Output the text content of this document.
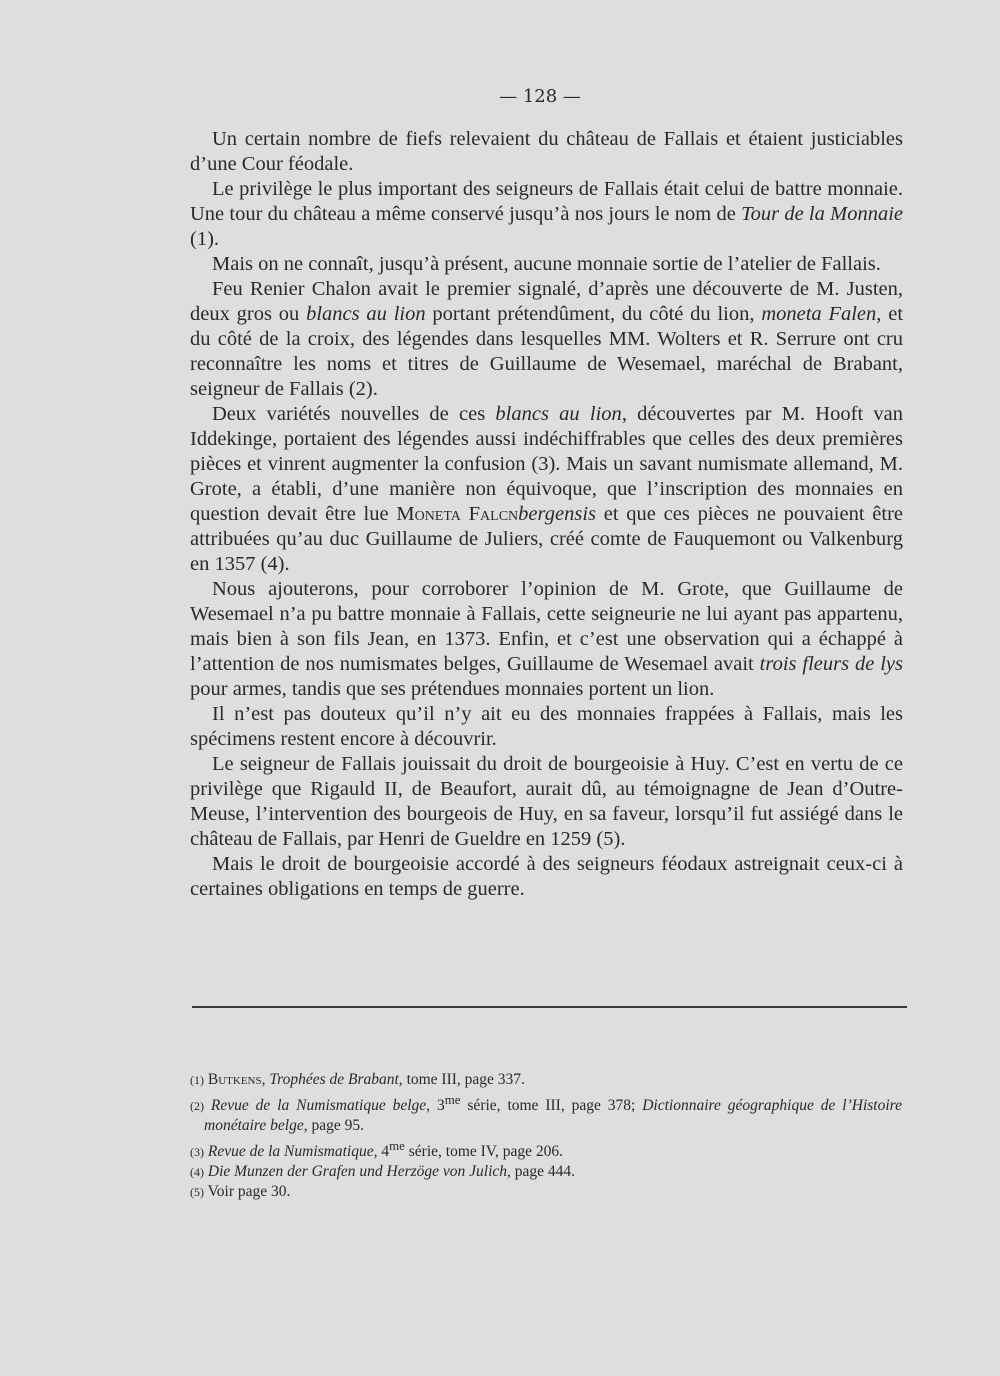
— 128 —

Un certain nombre de fiefs relevaient du château de Fallais et étaient justiciables d’une Cour féodale.

Le privilège le plus important des seigneurs de Fallais était celui de battre monnaie. Une tour du château a même conservé jusqu’à nos jours le nom de Tour de la Monnaie (1).

Mais on ne connaît, jusqu’à présent, aucune monnaie sortie de l’atelier de Fallais.

Feu Renier Chalon avait le premier signalé, d’après une découverte de M. Justen, deux gros ou blancs au lion portant prétendûment, du côté du lion, moneta Falen, et du côté de la croix, des légendes dans lesquelles MM. Wolters et R. Serrure ont cru reconnaître les noms et titres de Guillaume de Wesemael, maréchal de Brabant, seigneur de Fallais (2).

Deux variétés nouvelles de ces blancs au lion, découvertes par M. Hooft van Iddekinge, portaient des légendes aussi indéchiffrables que celles des deux premières pièces et vinrent augmenter la confusion (3). Mais un savant numismate allemand, M. Grote, a établi, d’une manière non équivoque, que l’inscription des monnaies en question devait être lue Moneta Falcnbergensis et que ces pièces ne pouvaient être attribuées qu’au duc Guillaume de Juliers, créé comte de Fauquemont ou Valkenburg en 1357 (4).

Nous ajouterons, pour corroborer l’opinion de M. Grote, que Guillaume de Wesemael n’a pu battre monnaie à Fallais, cette seigneurie ne lui ayant pas appartenu, mais bien à son fils Jean, en 1373. Enfin, et c’est une observation qui a échappé à l’attention de nos numismates belges, Guillaume de Wesemael avait trois fleurs de lys pour armes, tandis que ses prétendues monnaies portent un lion.

Il n’est pas douteux qu’il n’y ait eu des monnaies frappées à Fallais, mais les spécimens restent encore à découvrir.

Le seigneur de Fallais jouissait du droit de bourgeoisie à Huy. C’est en vertu de ce privilège que Rigauld II, de Beaufort, aurait dû, au témoignagne de Jean d’Outre-Meuse, l’intervention des bourgeois de Huy, en sa faveur, lorsqu’il fut assiégé dans le château de Fallais, par Henri de Gueldre en 1259 (5).

Mais le droit de bourgeoisie accordé à des seigneurs féodaux astreignait ceux-ci à certaines obligations en temps de guerre.

(1) Butkens, Trophées de Brabant, tome III, page 337.

(2) Revue de la Numismatique belge, $3^{me}$ série, tome III, page 378; Dictionnaire géographique de l’Histoire monétaire belge, page 95.

(3) Revue de la Numismatique, $4^{me}$ série, tome IV, page 206.

(4) Die Munzen der Grafen und Herzöge von Julich, page 444.

(5) Voir page 30.
